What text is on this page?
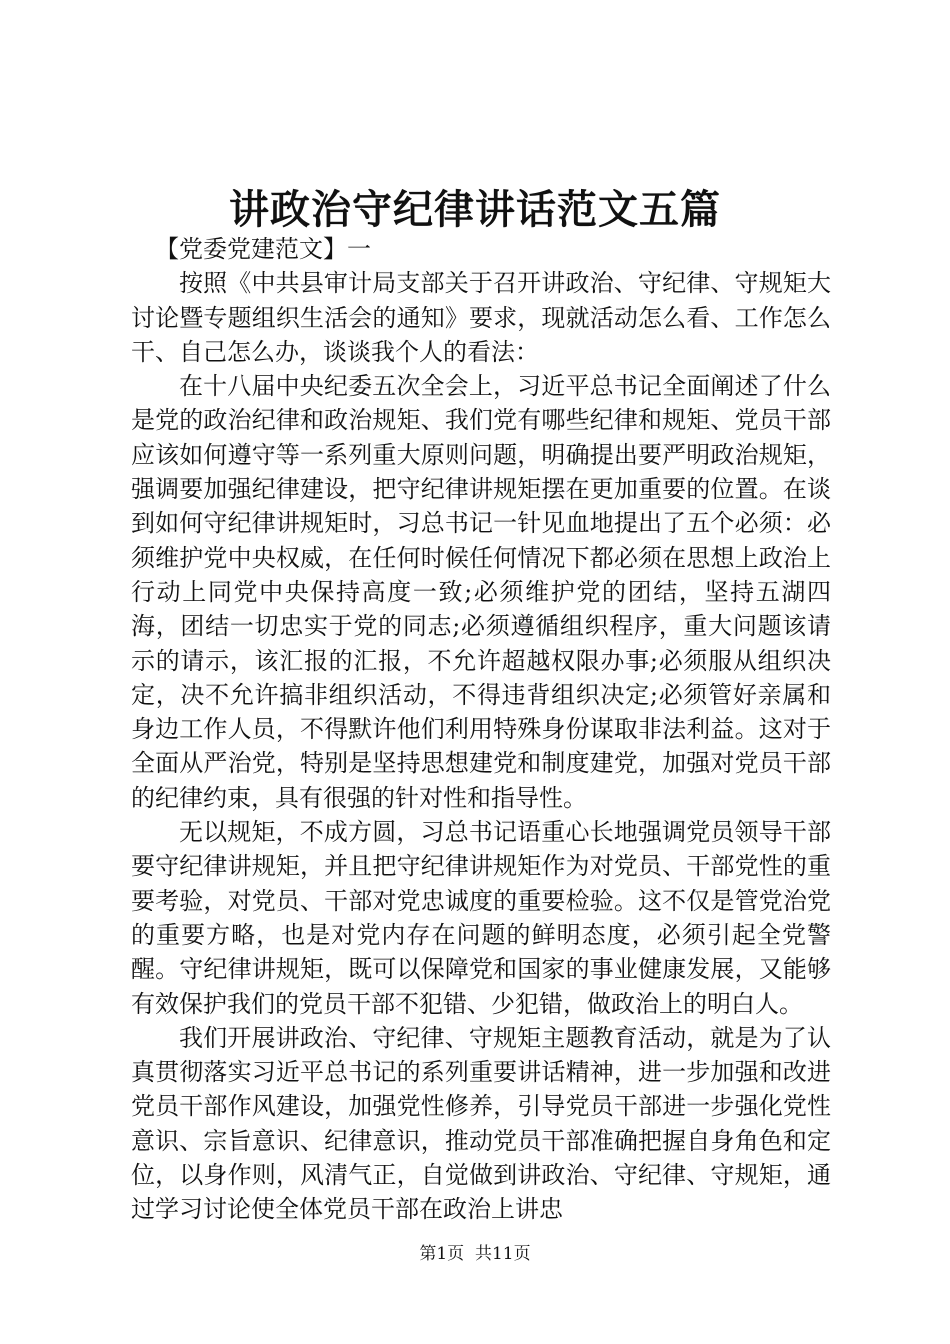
讲政治守纪律讲话范文五篇

【党委党建范文】一

按照《中共县审计局支部关于召开讲政治、守纪律、守规矩大讨论暨专题组织生活会的通知》要求，现就活动怎么看、工作怎么干、自己怎么办，谈谈我个人的看法：

在十八届中央纪委五次全会上，习近平总书记全面阐述了什么是党的政治纪律和政治规矩、我们党有哪些纪律和规矩、党员干部应该如何遵守等一系列重大原则问题，明确提出要严明政治规矩，强调要加强纪律建设，把守纪律讲规矩摆在更加重要的位置。在谈到如何守纪律讲规矩时，习总书记一针见血地提出了五个必须：必须维护党中央权威，在任何时候任何情况下都必须在思想上政治上行动上同党中央保持高度一致;必须维护党的团结，坚持五湖四海，团结一切忠实于党的同志;必须遵循组织程序，重大问题该请示的请示，该汇报的汇报，不允许超越权限办事;必须服从组织决定，决不允许搞非组织活动，不得违背组织决定;必须管好亲属和身边工作人员，不得默许他们利用特殊身份谋取非法利益。这对于全面从严治党，特别是坚持思想建党和制度建党，加强对党员干部的纪律约束，具有很强的针对性和指导性。

无以规矩，不成方圆，习总书记语重心长地强调党员领导干部要守纪律讲规矩，并且把守纪律讲规矩作为对党员、干部党性的重要考验，对党员、干部对党忠诚度的重要检验。这不仅是管党治党的重要方略，也是对党内存在问题的鲜明态度，必须引起全党警醒。守纪律讲规矩，既可以保障党和国家的事业健康发展，又能够有效保护我们的党员干部不犯错、少犯错，做政治上的明白人。

我们开展讲政治、守纪律、守规矩主题教育活动，就是为了认真贯彻落实习近平总书记的系列重要讲话精神，进一步加强和改进党员干部作风建设，加强党性修养，引导党员干部进一步强化党性意识、宗旨意识、纪律意识，推动党员干部准确把握自身角色和定位，以身作则，风清气正，自觉做到讲政治、守纪律、守规矩，通过学习讨论使全体党员干部在政治上讲忠

第1页  共11页
